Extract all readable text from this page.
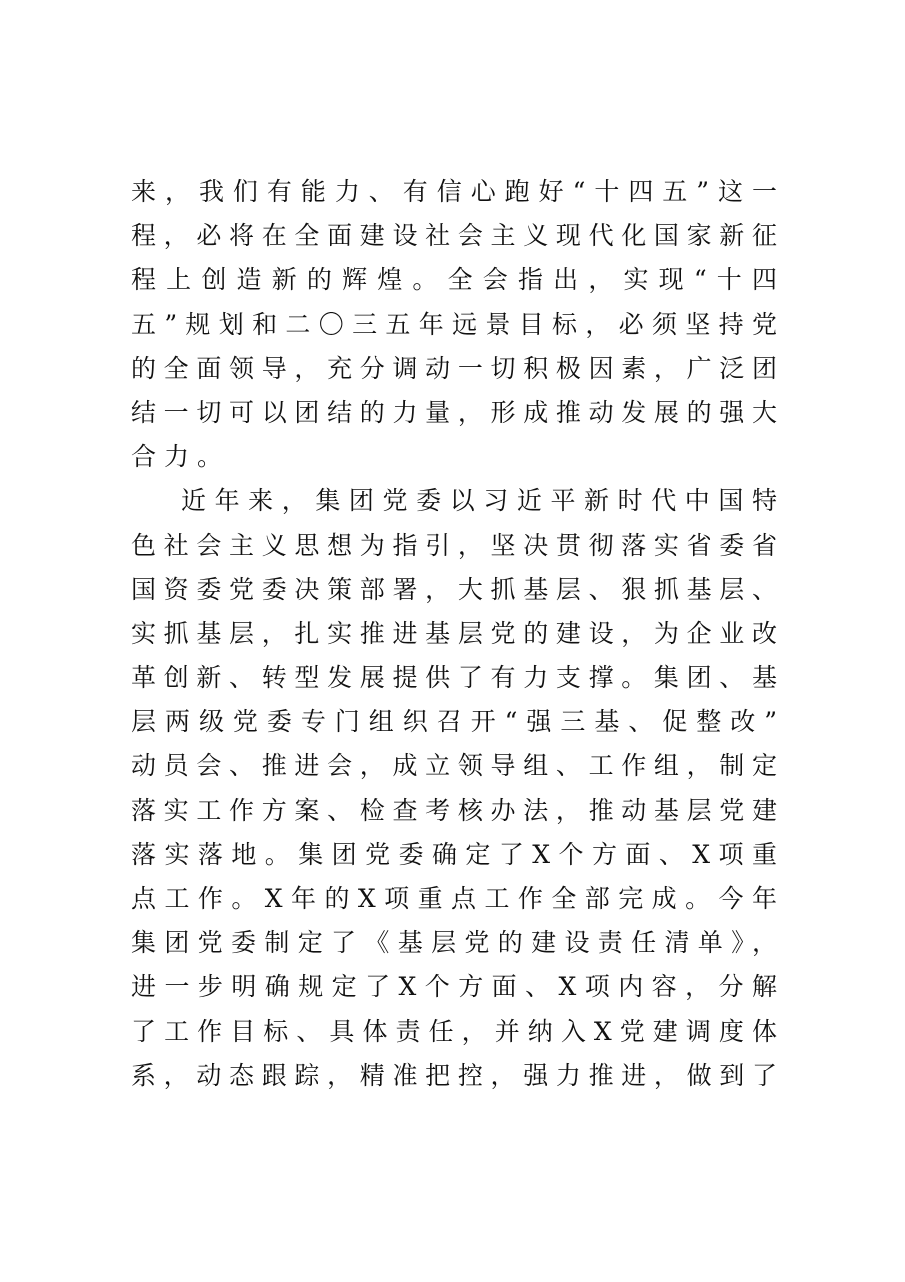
来，我们有能力、有信心跑好“十四五”这一
程，必将在全面建设社会主义现代化国家新征
程上创造新的辉煌。全会指出，实现“十四
五”规划和二〇三五年远景目标，必须坚持党
的全面领导，充分调动一切积极因素，广泛团
结一切可以团结的力量，形成推动发展的强大
合力。
近年来，集团党委以习近平新时代中国特
色社会主义思想为指引，坚决贯彻落实省委省
国资委党委决策部署，大抓基层、狠抓基层、
实抓基层，扎实推进基层党的建设，为企业改
革创新、转型发展提供了有力支撑。集团、基
层两级党委专门组织召开“强三基、促整改”
动员会、推进会，成立领导组、工作组，制定
落实工作方案、检查考核办法，推动基层党建
落实落地。集团党委确定了X个方面、X项重
点工作。X年的X项重点工作全部完成。今年
集团党委制定了《基层党的建设责任清单》，
进一步明确规定了X个方面、X项内容，分解
了工作目标、具体责任，并纳入X党建调度体
系，动态跟踪，精准把控，强力推进，做到了
